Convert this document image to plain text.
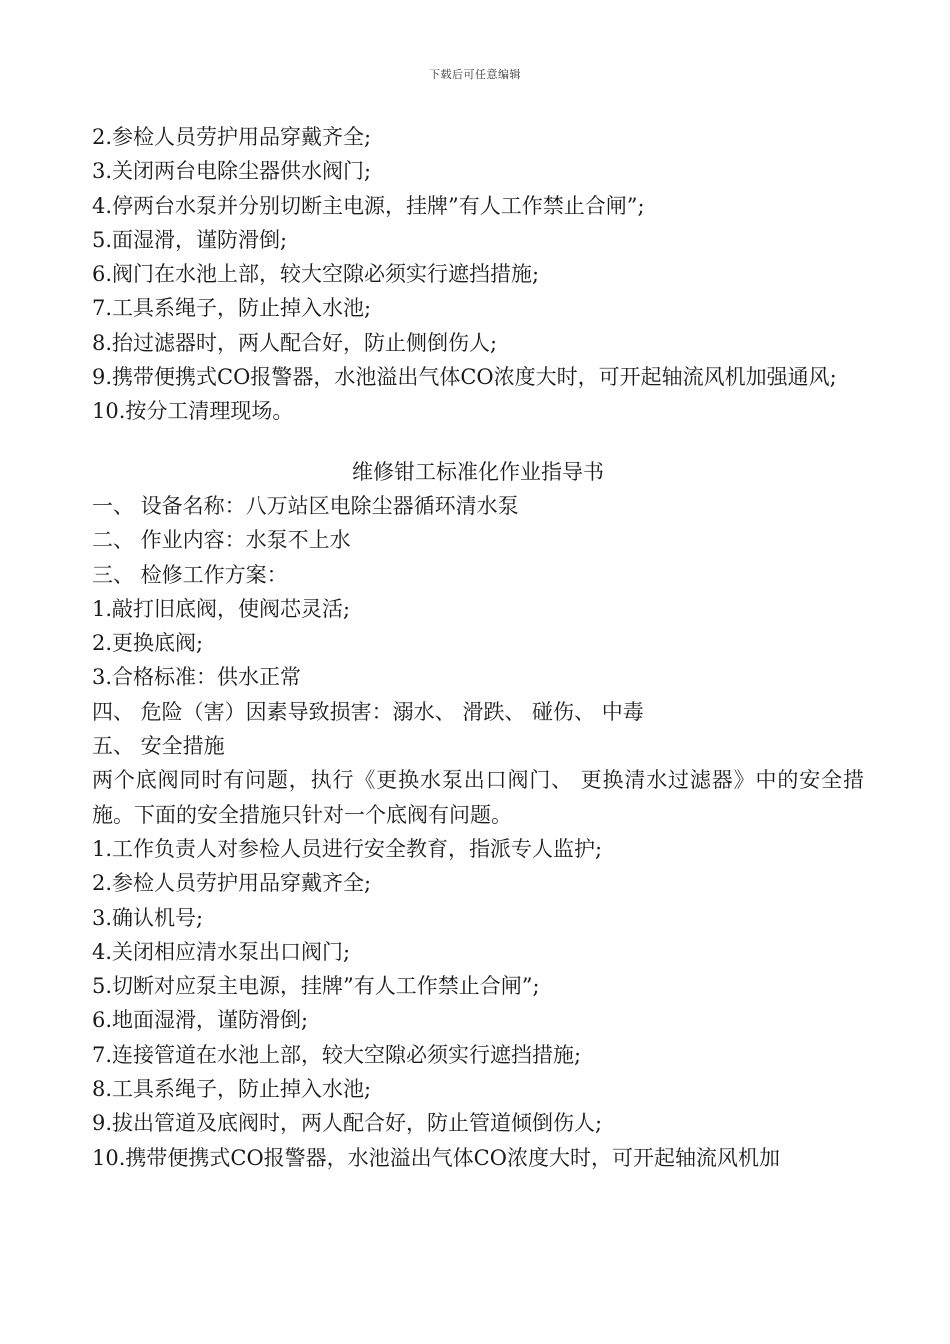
下载后可任意编辑
2.参检人员劳护用品穿戴齐全;
3.关闭两台电除尘器供水阀门;
4.停两台水泵并分别切断主电源，挂牌”有人工作禁止合闸”;
5.面湿滑，谨防滑倒;
6.阀门在水池上部，较大空隙必须实行遮挡措施;
7.工具系绳子，防止掉入水池;
8.抬过滤器时，两人配合好，防止侧倒伤人;
9.携带便携式CO报警器，水池溢出气体CO浓度大时，可开起轴流风机加强通风;
10.按分工清理现场。
维修钳工标准化作业指导书
一、 设备名称：八万站区电除尘器循环清水泵
二、 作业内容：水泵不上水
三、 检修工作方案：
1.敲打旧底阀，使阀芯灵活;
2.更换底阀;
3.合格标准：供水正常
四、 危险（害）因素导致损害：溺水、 滑跌、 碰伤、 中毒
五、 安全措施
两个底阀同时有问题，执行《更换水泵出口阀门、 更换清水过滤器》中的安全措施。下面的安全措施只针对一个底阀有问题。
1.工作负责人对参检人员进行安全教育，指派专人监护;
2.参检人员劳护用品穿戴齐全;
3.确认机号;
4.关闭相应清水泵出口阀门;
5.切断对应泵主电源，挂牌”有人工作禁止合闸”;
6.地面湿滑，谨防滑倒;
7.连接管道在水池上部，较大空隙必须实行遮挡措施;
8.工具系绳子，防止掉入水池;
9.拔出管道及底阀时，两人配合好，防止管道倾倒伤人;
10.携带便携式CO报警器，水池溢出气体CO浓度大时，可开起轴流风机加
